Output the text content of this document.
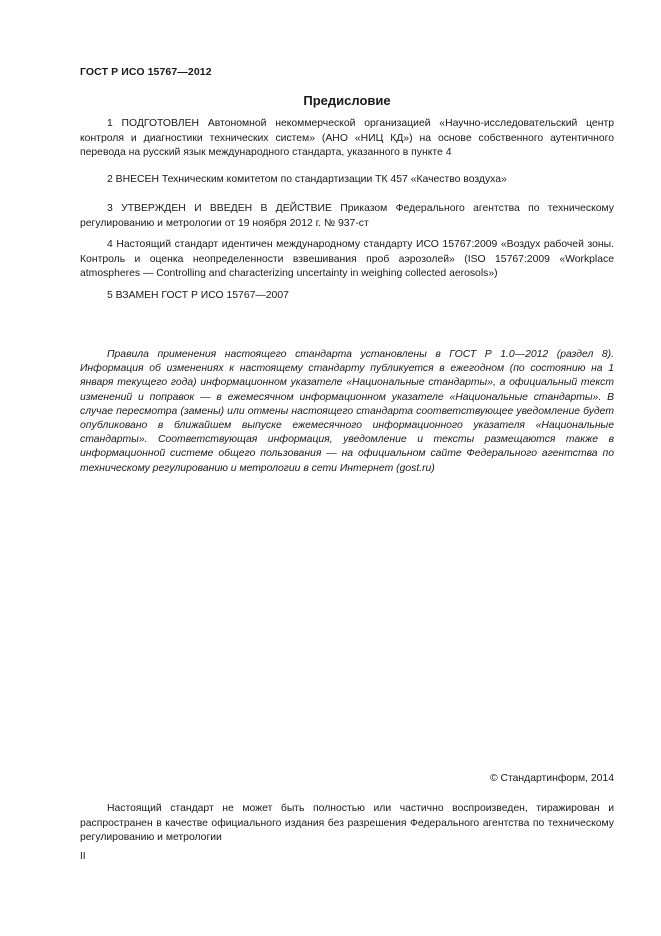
ГОСТ Р ИСО 15767—2012
Предисловие

1 ПОДГОТОВЛЕН Автономной некоммерческой организацией «Научно-исследовательский центр контроля и диагностики технических систем» (АНО «НИЦ КД») на основе собственного аутентичного перевода на русский язык международного стандарта, указанного в пункте 4

2 ВНЕСЕН Техническим комитетом по стандартизации ТК 457 «Качество воздуха»

3 УТВЕРЖДЕН И ВВЕДЕН В ДЕЙСТВИЕ Приказом Федерального агентства по техническому регулированию и метрологии от 19 ноября 2012 г. № 937-ст

4 Настоящий стандарт идентичен международному стандарту ИСО 15767:2009 «Воздух рабочей зоны. Контроль и оценка неопределенности взвешивания проб аэрозолей» (ISO 15767:2009 «Workplace atmospheres — Controlling and characterizing uncertainty in weighing collected aerosols»)

5 ВЗАМЕН ГОСТ Р ИСО 15767—2007

Правила применения настоящего стандарта установлены в ГОСТ Р 1.0—2012 (раздел 8). Информация об изменениях к настоящему стандарту публикуется в ежегодном (по состоянию на 1 января текущего года) информационном указателе «Национальные стандарты», а официальный текст изменений и поправок — в ежемесячном информационном указателе «Национальные стандарты». В случае пересмотра (замены) или отмены настоящего стандарта соответствующее уведомление будет опубликовано в ближайшем выпуске ежемесячного информационного указателя «Национальные стандарты». Соответствующая информация, уведомление и тексты размещаются также в информационной системе общего пользования — на официальном сайте Федерального агентства по техническому регулированию и метрологии в сети Интернет (gost.ru)

© Стандартинформ, 2014

Настоящий стандарт не может быть полностью или частично воспроизведен, тиражирован и распространен в качестве официального издания без разрешения Федерального агентства по техническому регулированию и метрологии

II
